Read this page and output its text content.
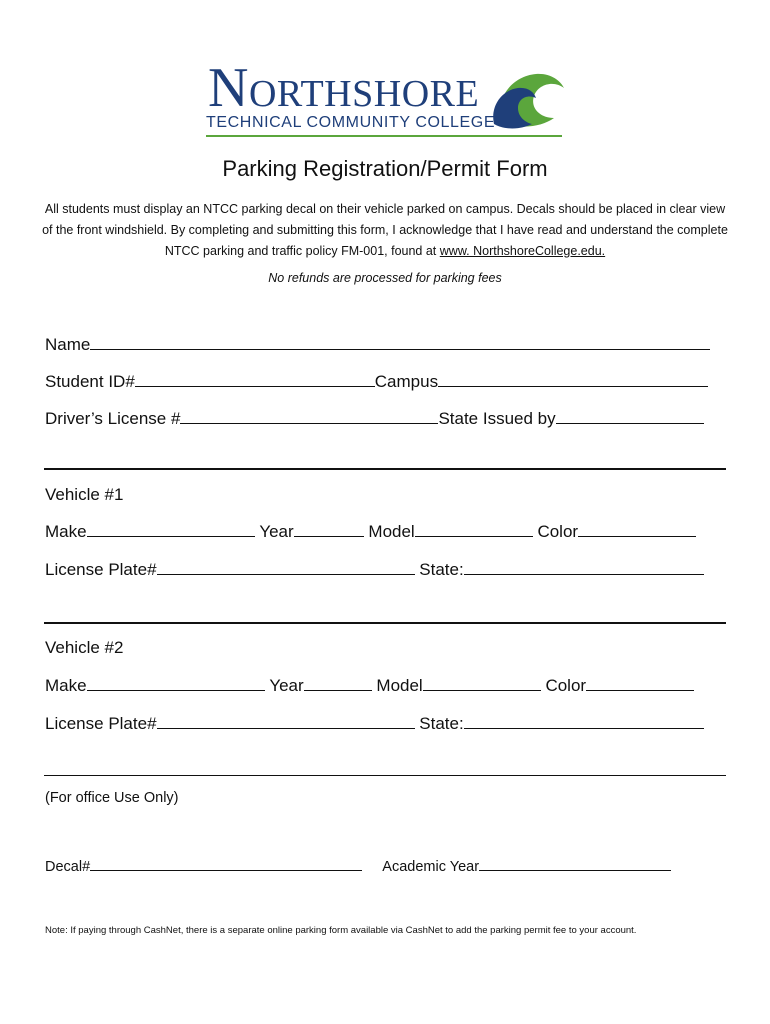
NORTHSHORE
TECHNICAL COMMUNITY COLLEGE
Parking Registration/Permit Form
All students must display an NTCC parking decal on their vehicle parked on campus. Decals should be placed in clear view of the front windshield. By completing and submitting this form, I acknowledge that I have read and understand the complete NTCC parking and traffic policy FM-001, found at www. NorthshoreCollege.edu.
No refunds are processed for parking fees
Name
Student ID#	Campus
Driver’s License #	State Issued by
Vehicle #1
Make	Year	Model	Color
License Plate#	State:
Vehicle #2
Make	Year	Model	Color
License Plate#	State:
(For office Use Only)
Decal#	Academic Year
Note: If paying through CashNet, there is a separate online parking form available via CashNet to add the parking permit fee to your account.
